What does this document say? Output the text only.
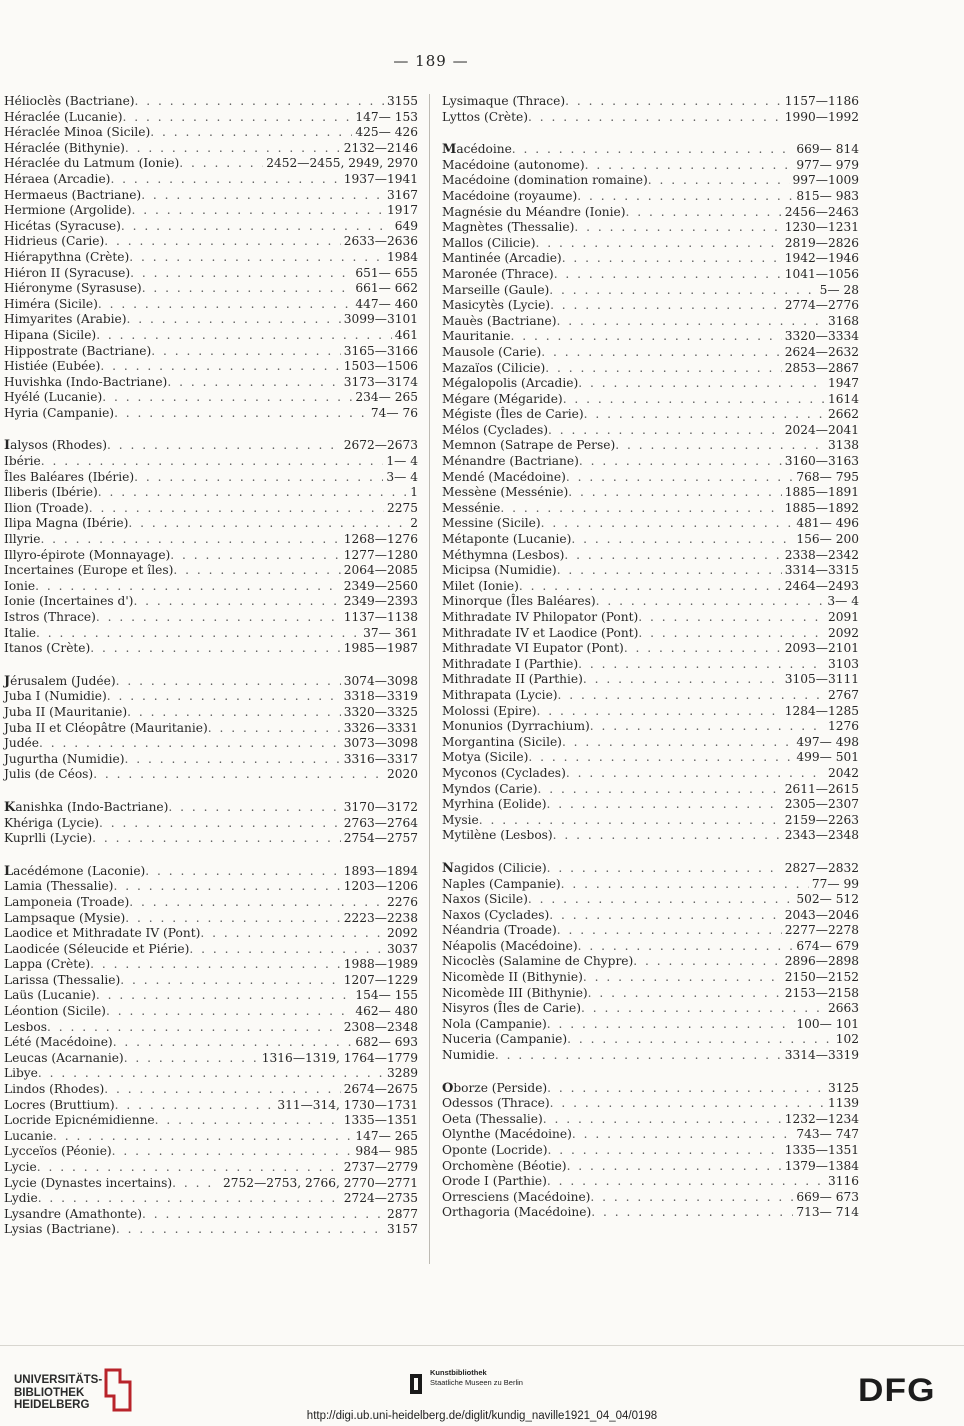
— 189 —
Hélioclès (Bactriane) . . .	3155
Héraclée (Lucanie) . . .	147— 153
Héraclée Minoa (Sicile) . . .	425— 426
Héraclée (Bithynie) . . .	2132—2146
Héraclée du Latmum (Ionie) . . .	2452—2455, 2949, 2970
Héraea (Arcadie) . . .	1937—1941
Hermaeus (Bactriane) . . .	3167
Hermione (Argolide) . . .	1917
Hicétas (Syracuse) . . .	649
Hidrieus (Carie) . . .	2633—2636
Hiérapythna (Crète) . . .	1984
Hiéron II (Syracuse) . . .	651— 655
Hiéronyme (Syrasuse) . . .	661— 662
Himéra (Sicile) . . .	447— 460
Himyarites (Arabie) . . .	3099—3101
Hipana (Sicile) . . .	461
Hippostrate (Bactriane) . . .	3165—3166
Histiée (Eubée) . . .	1503—1506
Huvishka (Indo-Bactriane) . . .	3173—3174
Hyélé (Lucanie) . . .	234— 265
Hyria (Campanie) . . .	74— 76
Ialysos (Rhodes) . . .	2672—2673
Ibérie . . .	1— 4
Îles Baléares (Ibérie) . . .	3— 4
Iliberis (Ibérie) . . .	1
Ilion (Troade) . . .	2275
Ilipa Magna (Ibérie) . . .	2
Illyrie . . .	1268—1276
Illyro-épirote (Monnayage) . . .	1277—1280
Incertaines (Europe et îles) . . .	2064—2085
Ionie . . .	2349—2560
Ionie (Incertaines d') . . .	2349—2393
Istros (Thrace) . . .	1137—1138
Italie . . .	37— 361
Itanos (Crète) . . .	1985—1987
Jérusalem (Judée) . . .	3074—3098
Juba I (Numidie) . . .	3318—3319
Juba II (Mauritanie) . . .	3320—3325
Juba II et Cléopâtre (Mauritanie) . . .	3326—3331
Judée . . .	3073—3098
Jugurtha (Numidie) . . .	3316—3317
Julis (de Céos) . . .	2020
Kanishka (Indo-Bactriane) . . .	3170—3172
Khériga (Lycie) . . .	2763—2764
Kuprlli (Lycie) . . .	2754—2757
Lacédémone (Laconie) . . .	1893—1894
Lamia (Thessalie) . . .	1203—1206
Lamponeia (Troade) . . .	2276
Lampsaque (Mysie) . . .	2223—2238
Laodice et Mithradate IV (Pont) . . .	2092
Laodicée (Séleucide et Piérie) . . .	3037
Lappa (Crète) . . .	1988—1989
Larissa (Thessalie) . . .	1207—1229
Laüs (Lucanie) . . .	154— 155
Léontion (Sicile) . . .	462— 480
Lesbos . . .	2308—2348
Lété (Macédoine) . . .	682— 693
Leucas (Acarnanie) . . .	1316—1319, 1764—1779
Libye . . .	3289
Lindos (Rhodes) . . .	2674—2675
Locres (Bruttium) . . .	311—314, 1730—1731
Locride Epicnémidienne . . .	1335—1351
Lucanie . . .	147— 265
Lycceïos (Péonie) . . .	984— 985
Lycie . . .	2737—2779
Lycie (Dynastes incertains) . . .	2752—2753, 2766, 2770—2771
Lydie . . .	2724—2735
Lysandre (Amathonte) . . .	2877
Lysias (Bactriane) . . .	3157
Lysimaque (Thrace) . . .	1157—1186
Lyttos (Crète) . . .	1990—1992
Macédoine . . .	669— 814
Macédoine (autonome) . . .	977— 979
Macédoine (domination romaine) . . .	997—1009
Macédoine (royaume) . . .	815— 983
Magnésie du Méandre (Ionie) . . .	2456—2463
Magnètes (Thessalie) . . .	1230—1231
Mallos (Cilicie) . . .	2819—2826
Mantinée (Arcadie) . . .	1942—1946
Maronée (Thrace) . . .	1041—1056
Marseille (Gaule) . . .	5— 28
Masicytès (Lycie) . . .	2774—2776
Mauès (Bactriane) . . .	3168
Mauritanie . . .	3320—3334
Mausole (Carie) . . .	2624—2632
Mazaïos (Cilicie) . . .	2853—2867
Mégalopolis (Arcadie) . . .	1947
Mégare (Mégaride) . . .	1614
Mégiste (Îles de Carie) . . .	2662
Mélos (Cyclades) . . .	2024—2041
Memnon (Satrape de Perse) . . .	3138
Ménandre (Bactriane) . . .	3160—3163
Mendé (Macédoine) . . .	768— 795
Messène (Messénie) . . .	1885—1891
Messénie . . .	1885—1892
Messine (Sicile) . . .	481— 496
Métaponte (Lucanie) . . .	156— 200
Méthymna (Lesbos) . . .	2338—2342
Micipsa (Numidie) . . .	3314—3315
Milet (Ionie) . . .	2464—2493
Minorque (Îles Baléares) . . .	3— 4
Mithradate IV Philopator (Pont) . . .	2091
Mithradate IV et Laodice (Pont) . . .	2092
Mithradate VI Eupator (Pont) . . .	2093—2101
Mithradate I (Parthie) . . .	3103
Mithradate II (Parthie) . . .	3105—3111
Mithrapata (Lycie) . . .	2767
Molossi (Epire) . . .	1284—1285
Monunios (Dyrrachium) . . .	1276
Morgantina (Sicile) . . .	497— 498
Motya (Sicile) . . .	499— 501
Myconos (Cyclades) . . .	2042
Myndos (Carie) . . .	2611—2615
Myrhina (Eolide) . . .	2305—2307
Mysie . . .	2159—2263
Mytilène (Lesbos) . . .	2343—2348
Nagidos (Cilicie) . . .	2827—2832
Naples (Campanie) . . .	77— 99
Naxos (Sicile) . . .	502— 512
Naxos (Cyclades) . . .	2043—2046
Néandria (Troade) . . .	2277—2278
Néapolis (Macédoine) . . .	674— 679
Nicoclès (Salamine de Chypre) . . .	2896—2898
Nicomède II (Bithynie) . . .	2150—2152
Nicomède III (Bithynie) . . .	2153—2158
Nisyros (Îles de Carie) . . .	2663
Nola (Campanie) . . .	100— 101
Nuceria (Campanie) . . .	102
Numidie . . .	3314—3319
Oborze (Perside) . . .	3125
Odessos (Thrace) . . .	1139
Oeta (Thessalie) . . .	1232—1234
Olynthe (Macédoine) . . .	743— 747
Oponte (Locride) . . .	1335—1351
Orchomène (Béotie) . . .	1379—1384
Orode I (Parthie) . . .	3116
Orresciens (Macédoine) . . .	669— 673
Orthagoria (Macédoine) . . .	713— 714
UNIVERSITÄTS-
BIBLIOTHEK
HEIDELBERG
Kunstbibliothek
Staatliche Museen zu Berlin	DFG
http://digi.ub.uni-heidelberg.de/diglit/kundig_naville1921_04_04/0198
